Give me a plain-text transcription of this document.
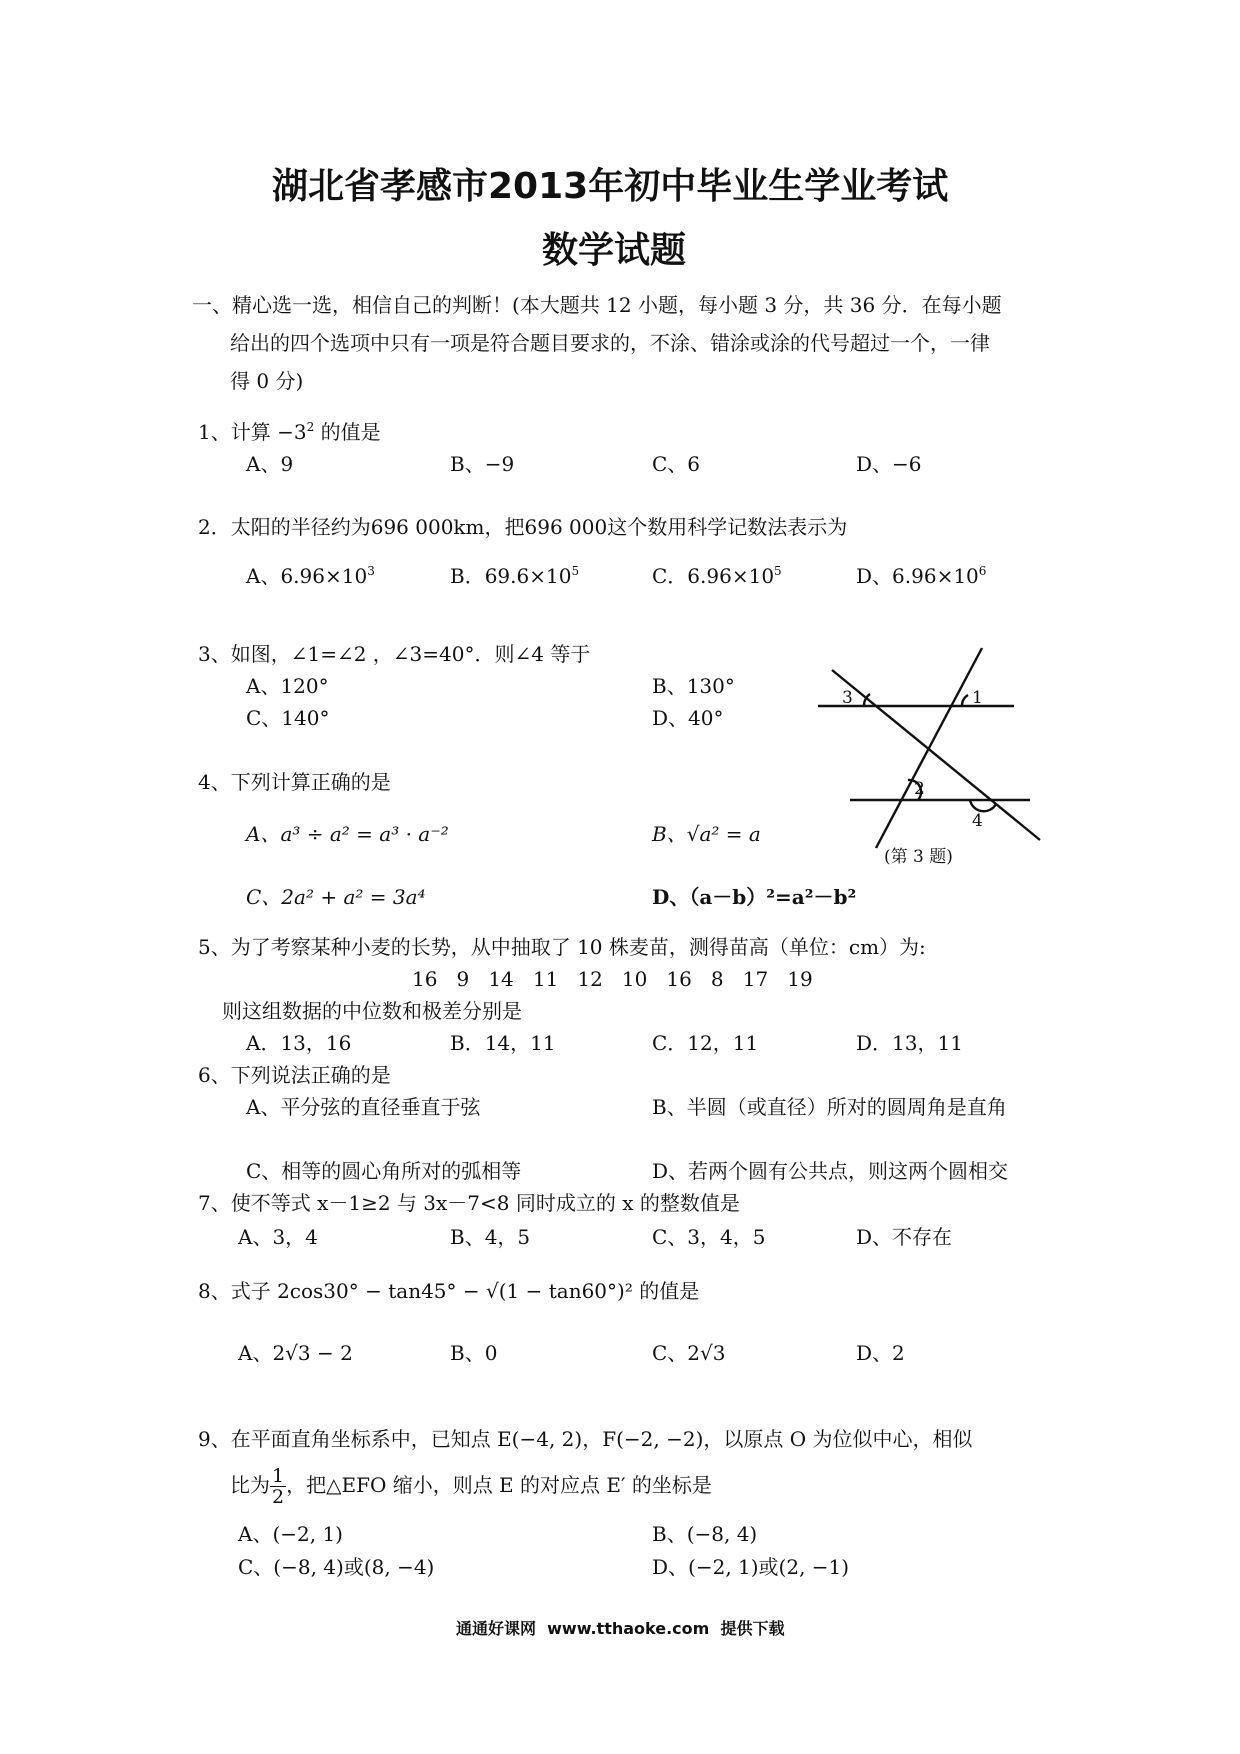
湖北省孝感市2013年初中毕业生学业考试
数学试题
一、精心选一选，相信自己的判断！(本大题共 12 小题，每小题 3 分，共 36 分．在每小题
给出的四个选项中只有一项是符合题目要求的，不涂、错涂或涂的代号超过一个，一律
得 0 分)
1、计算 $-3^2$ 的值是
A、9	B、−9	C、6	D、−6
2．太阳的半径约为696 000km，把696 000这个数用科学记数法表示为
A、$6.96\times 10^3$	B．$69.6\times 10^5$	C．$6.96\times 10^5$	D、$6.96\times 10^6$
3、如图，∠1=∠2 ，∠3=40°．则∠4 等于
A、120°	B、130°
C、140°	D、40°
1
2
3
4
(第 3 题)
4、下列计算正确的是
A、a³ ÷ a² = a³ · a⁻²	B、√a² = a
C、2a² + a² = 3a⁴	D、（a－b）²=a²－b²
5、为了考察某种小麦的长势，从中抽取了 10 株麦苗，测得苗高（单位：cm）为:
16   9   14   11   12   10   16   8   17   19
则这组数据的中位数和极差分别是
A．13，16	B．14，11	C．12，11	D．13，11
6、下列说法正确的是
A、平分弦的直径垂直于弦	B、半圆（或直径）所对的圆周角是直角
C、相等的圆心角所对的弧相等	D、若两个圆有公共点，则这两个圆相交
7、使不等式 x－1≥2 与 3x－7<8 同时成立的 x 的整数值是
A、3，4	B、4，5	C、3，4，5	D、不存在
8、式子 2cos30° − tan45° − √(1 − tan60°)² 的值是
A、2√3 − 2	B、0	C、2√3	D、2
9、在平面直角坐标系中，已知点 E(−4, 2)，F(−2, −2)，以原点 O 为位似中心，相似
比为 $\frac{1}{2}$ ，把△EFO 缩小，则点 E 的对应点 E′ 的坐标是
A、(−2, 1)	B、(−8, 4)
C、(−8, 4)或(8, −4)	D、(−2, 1)或(2, −1)
通通好课网  www.tthaoke.com  提供下载
